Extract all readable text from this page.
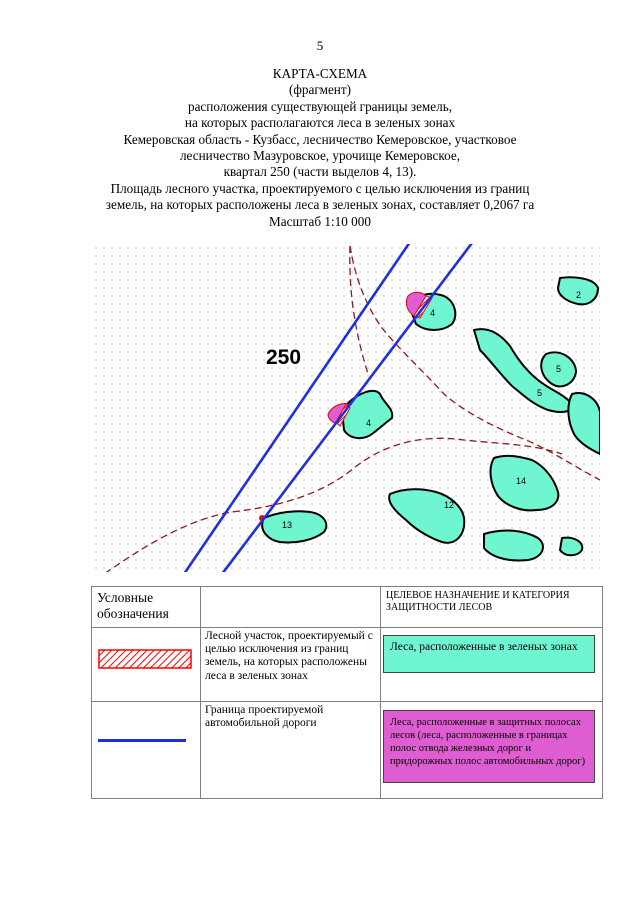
5
КАРТА-СХЕМА
(фрагмент)
расположения существующей границы земель,
на которых располагаются леса в зеленых зонах
Кемеровская область - Кузбасс, лесничество Кемеровское, участковое
лесничество Мазуровское, урочище Кемеровское,
квартал 250 (части выделов 4, 13).
Площадь лесного участка, проектируемого с целью исключения из границ
земель, на которых расположены леса в зеленых зонах, составляет 0,2067 га
Масштаб 1:10 000
250
2
4
5
5
4
14
12
13
Условные обозначения
ЦЕЛЕВОЕ НАЗНАЧЕНИЕ И КАТЕГОРИЯ ЗАЩИТНОСТИ ЛЕСОВ
Лесной участок, проектируемый с целью исключения из границ земель, на которых расположены леса в зеленых зонах
Леса, расположенные в зеленых зонах
Граница проектируемой автомобильной дороги	Леса, расположенные в защитных полосах лесов (леса, расположенные в границах полос отвода железных дорог и придорожных полос автомобильных дорог)
